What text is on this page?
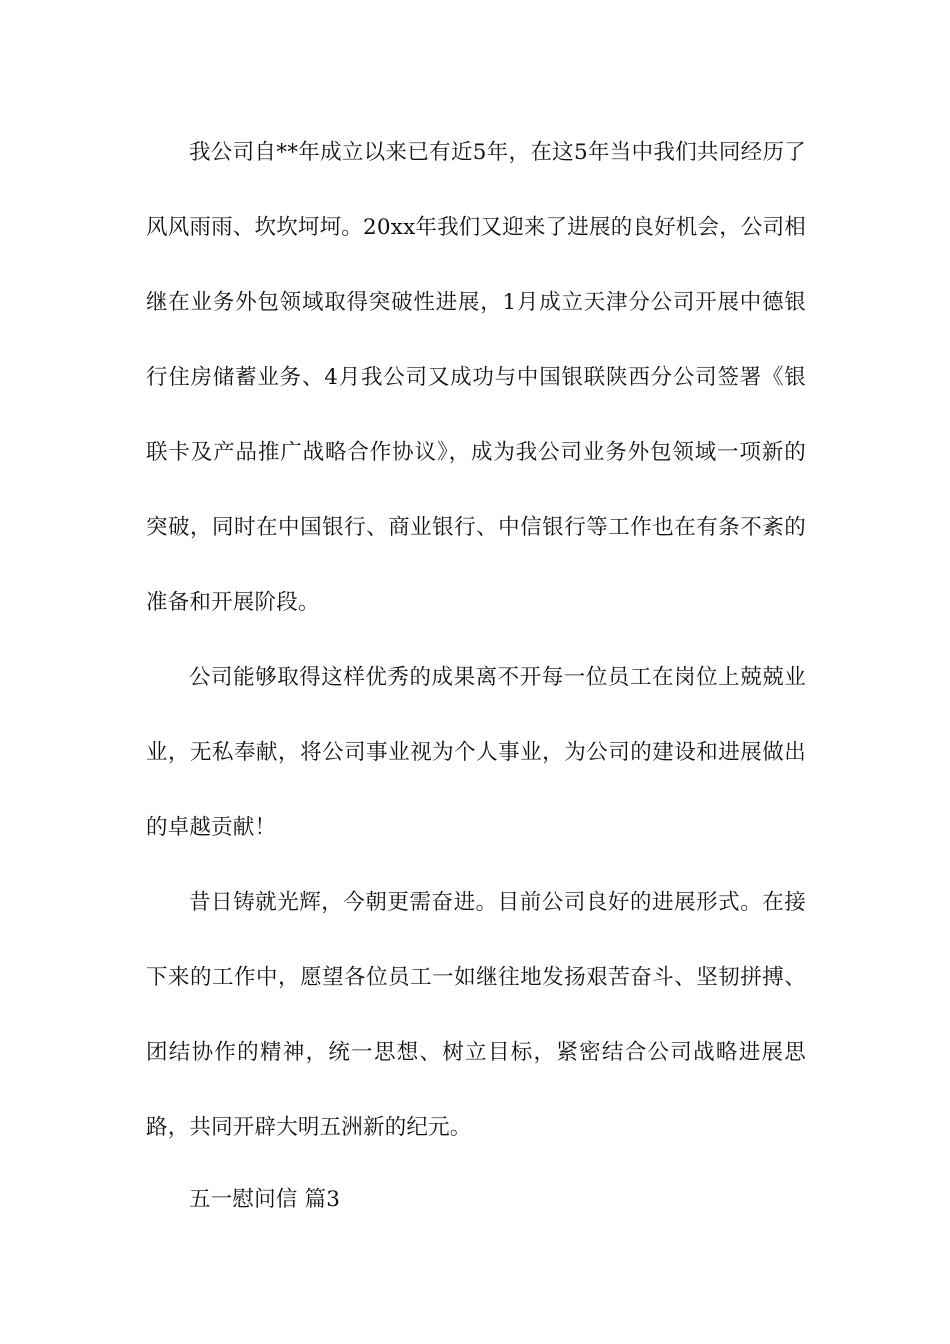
我公司自**年成立以来已有近5年，在这5年当中我们共同经历了风风雨雨、坎坎坷坷。20xx年我们又迎来了进展的良好机会，公司相继在业务外包领域取得突破性进展，1月成立天津分公司开展中德银行住房储蓄业务、4月我公司又成功与中国银联陕西分公司签署《银联卡及产品推广战略合作协议》，成为我公司业务外包领域一项新的突破，同时在中国银行、商业银行、中信银行等工作也在有条不紊的准备和开展阶段。

公司能够取得这样优秀的成果离不开每一位员工在岗位上兢兢业业，无私奉献，将公司事业视为个人事业，为公司的建设和进展做出的卓越贡献！

昔日铸就光辉，今朝更需奋进。目前公司良好的进展形式。在接下来的工作中，愿望各位员工一如继往地发扬艰苦奋斗、坚韧拼搏、团结协作的精神，统一思想、树立目标，紧密结合公司战略进展思路，共同开辟大明五洲新的纪元。

五一慰问信 篇3
